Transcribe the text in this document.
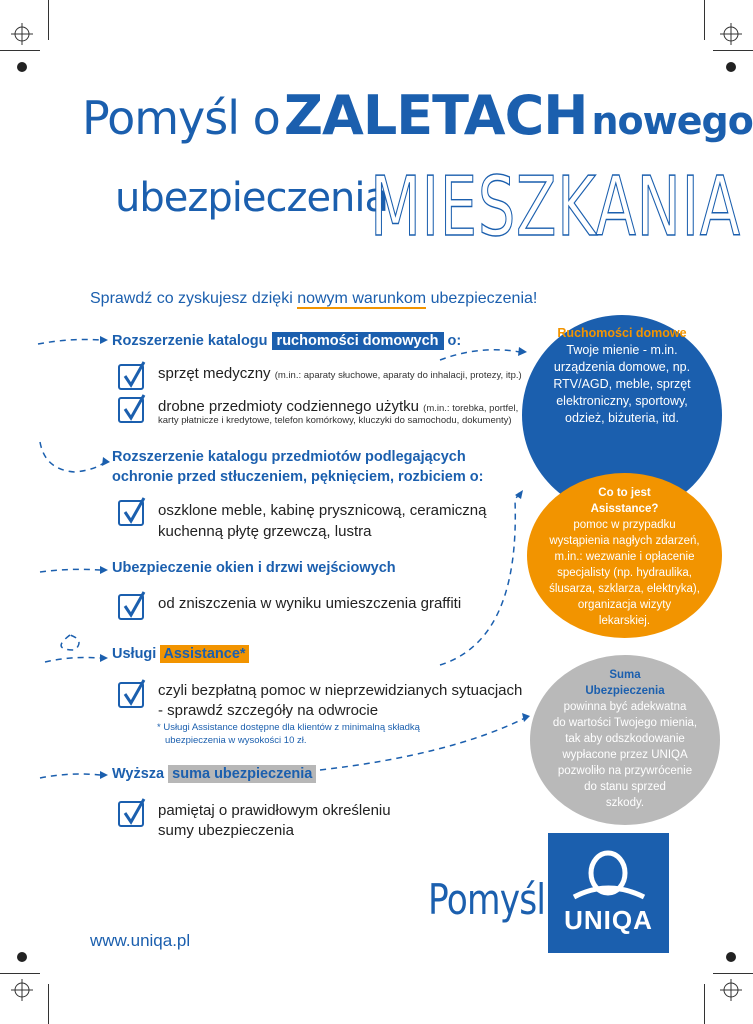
Pomyśl o ZALETACH nowego
ubezpieczenia
MIESZKANIA
Sprawdź co zyskujesz dzięki nowym warunkom ubezpieczenia!
Rozszerzenie katalogu ruchomości domowych o:
sprzęt medyczny (m.in.: aparaty słuchowe, aparaty do inhalacji, protezy, itp.)
drobne przedmioty codziennego użytku (m.in.: torebka, portfel,
karty płatnicze i kredytowe, telefon komórkowy, kluczyki do samochodu, dokumenty)
Rozszerzenie katalogu przedmiotów podlegających
ochronie przed stłuczeniem, pęknięciem, rozbiciem o:
oszklone meble, kabinę prysznicową, ceramiczną
kuchenną płytę grzewczą, lustra
Ubezpieczenie okien i drzwi wejściowych
od zniszczenia w wyniku umieszczenia graffiti
Usługi Assistance*
czyli bezpłatną pomoc w nieprzewidzianych sytuacjach
- sprawdź szczegóły na odwrocie
* Usługi Assistance dostępne dla klientów z minimalną składką
ubezpieczenia w wysokości 10 zł.
Wyższa suma ubezpieczenia
pamiętaj o prawidłowym określeniu
sumy ubezpieczenia
Ruchomości domowe
Twoje mienie - m.in.
urządzenia domowe, np.
RTV/AGD, meble, sprzęt
elektroniczny, sportowy,
odzież, biżuteria, itd.
Co to jest
Asisstance?
pomoc w przypadku
wystąpienia nagłych zdarzeń,
m.in.: wezwanie i opłacenie
specjalisty (np. hydraulika,
ślusarza, szklarza, elektryka),
organizacja wizyty
lekarskiej.
Suma
Ubezpieczenia
powinna być adekwatna
do wartości Twojego mienia,
tak aby odszkodowanie
wypłacone przez UNIQA
pozwoliło na przywrócenie
do stanu sprzed
szkody.
Pomyśl UNIQA
www.uniqa.pl
